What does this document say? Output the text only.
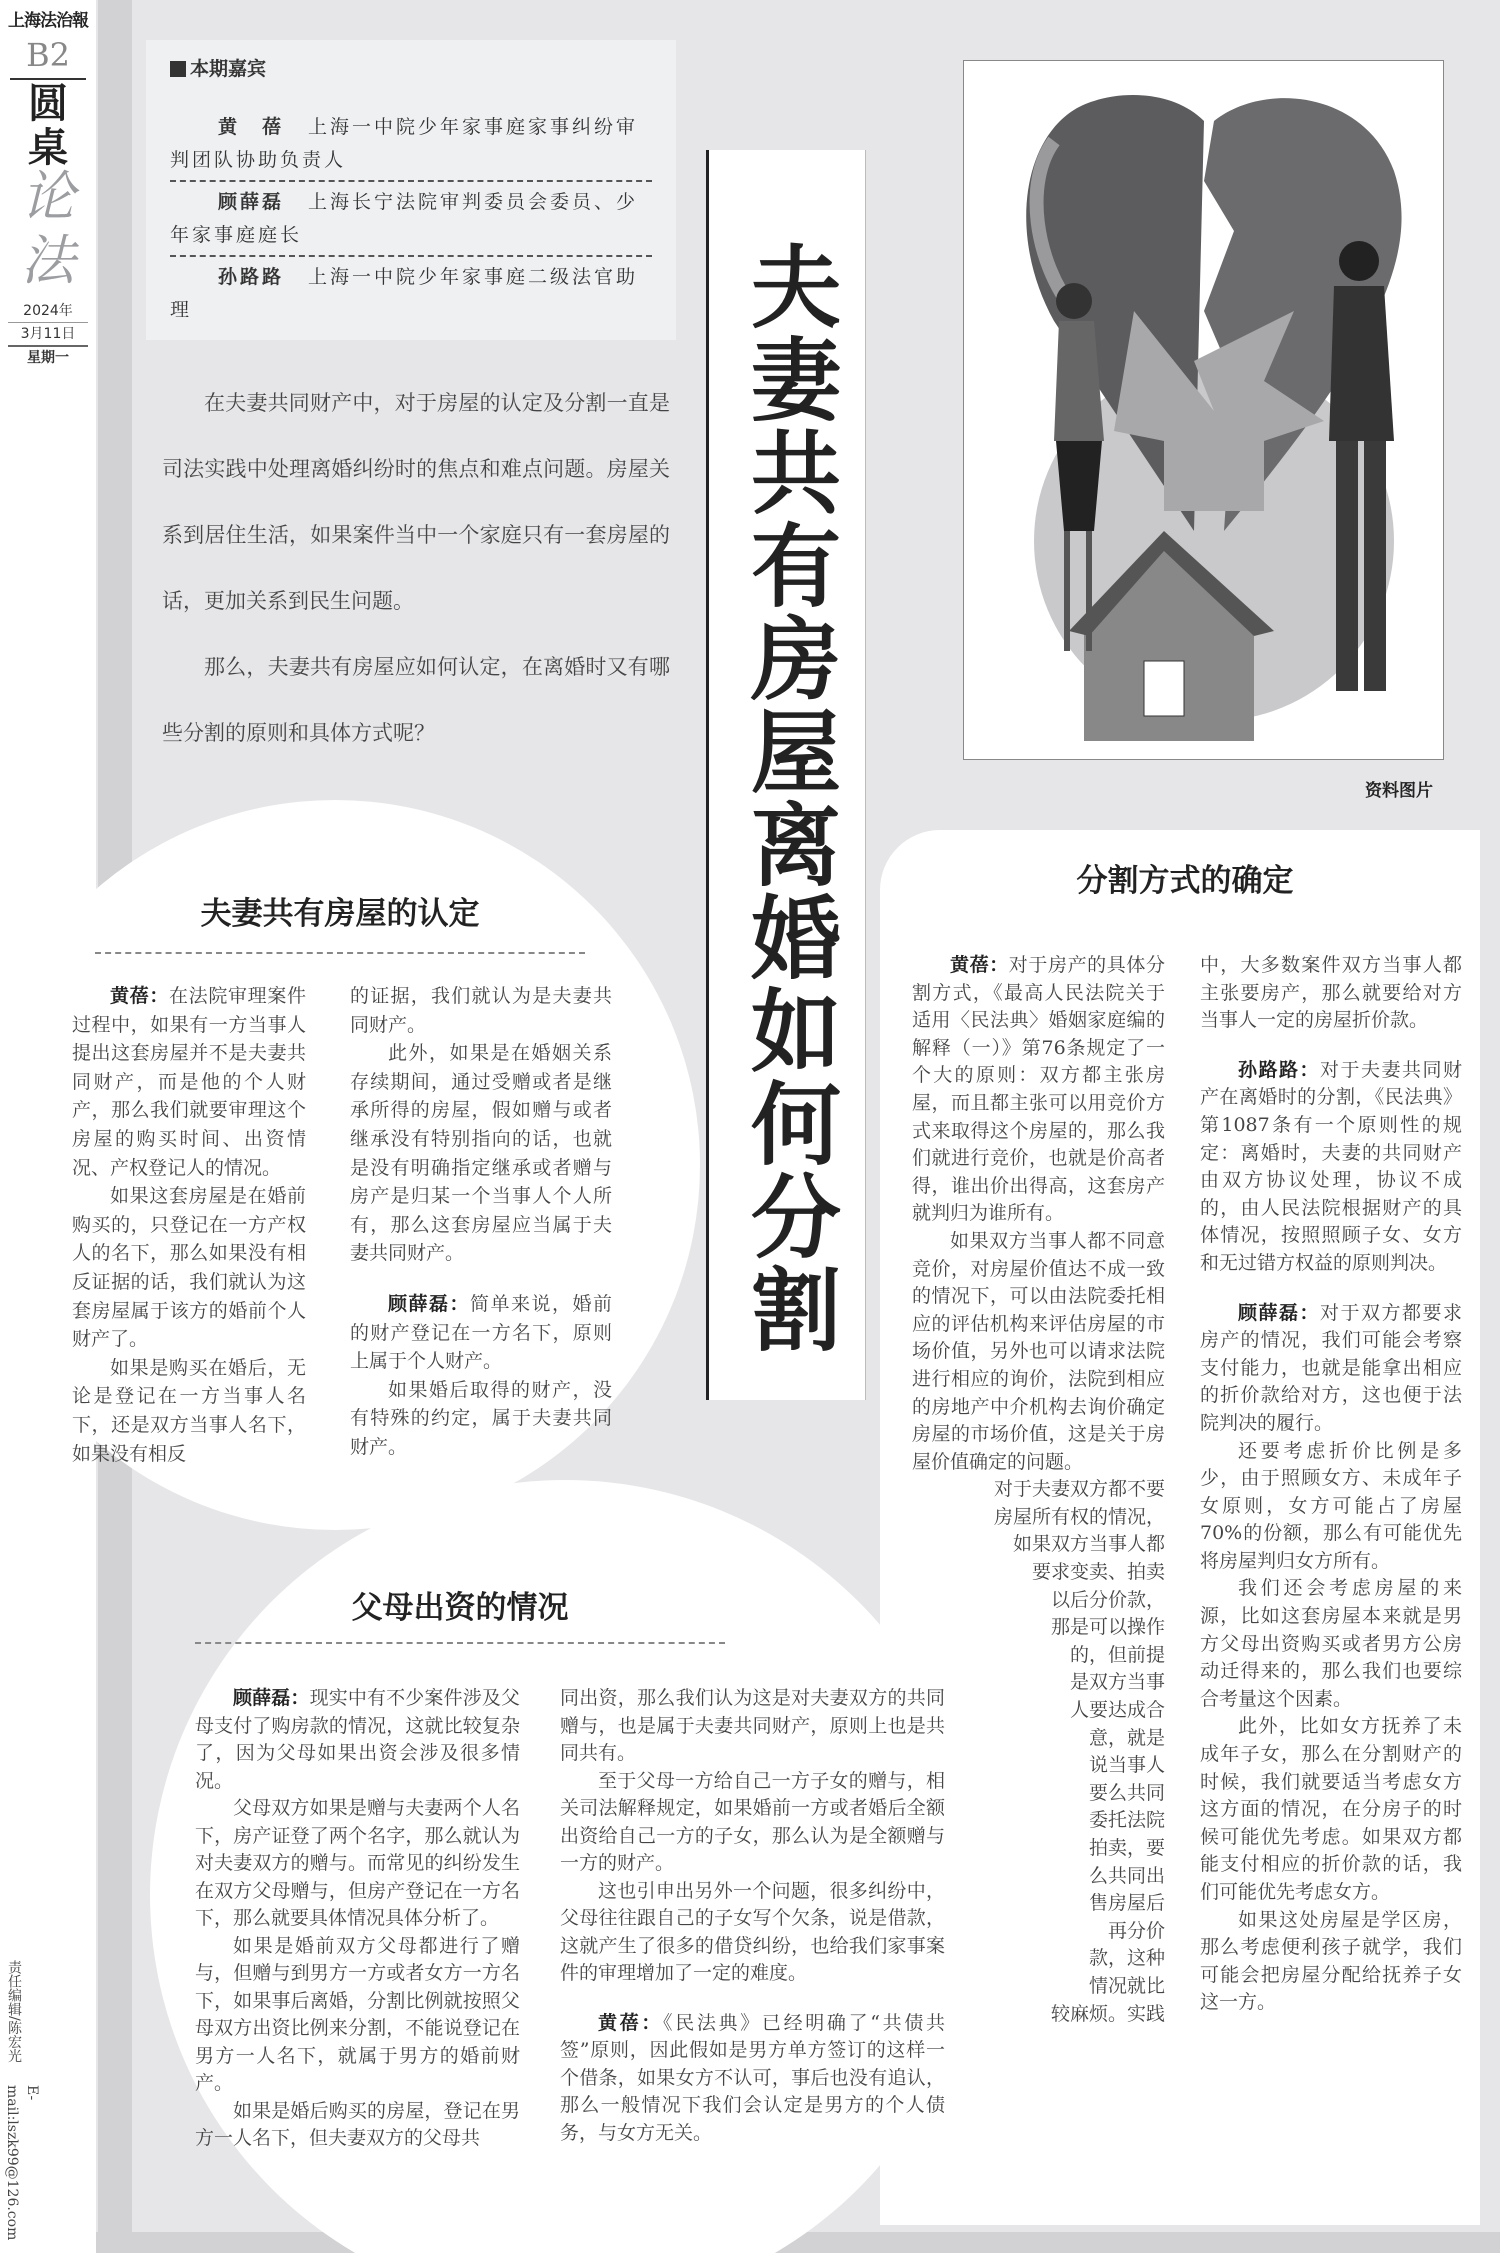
上海法治報
B2
圆桌
论法
2024年
3月11日
星期一
责任编辑/陈宏光
E-mail:lszk99@126.com
夫妻共有房屋离婚如何分割
本期嘉宾
黄　蓓 上海一中院少年家事庭家事纠纷审判团队协助负责人
顾薛磊 上海长宁法院审判委员会委员、少年家事庭庭长
孙路路 上海一中院少年家事庭二级法官助理

在夫妻共同财产中，对于房屋的认定及分割一直是司法实践中处理离婚纠纷时的焦点和难点问题。房屋关系到居住生活，如果案件当中一个家庭只有一套房屋的话，更加关系到民生问题。

那么，夫妻共有房屋应如何认定，在离婚时又有哪些分割的原则和具体方式呢？

资料图片
夫妻共有房屋的认定

黄蓓：在法院审理案件过程中，如果有一方当事人提出这套房屋并不是夫妻共同财产，而是他的个人财产，那么我们就要审理这个房屋的购买时间、出资情况、产权登记人的情况。

如果这套房屋是在婚前购买的，只登记在一方产权人的名下，那么如果没有相反证据的话，我们就认为这套房屋属于该方的婚前个人财产了。

如果是购买在婚后，无论是登记在一方当事人名下，还是双方当事人名下，如果没有相反

的证据，我们就认为是夫妻共同财产。

此外，如果是在婚姻关系存续期间，通过受赠或者是继承所得的房屋，假如赠与或者继承没有特别指向的话，也就是没有明确指定继承或者赠与房产是归某一个当事人个人所有，那么这套房屋应当属于夫妻共同财产。

顾薛磊：简单来说，婚前的财产登记在一方名下，原则上属于个人财产。

如果婚后取得的财产，没有特殊的约定，属于夫妻共同财产。

父母出资的情况

顾薛磊：现实中有不少案件涉及父母支付了购房款的情况，这就比较复杂了，因为父母如果出资会涉及很多情况。

父母双方如果是赠与夫妻两个人名下，房产证登了两个名字，那么就认为对夫妻双方的赠与。而常见的纠纷发生在双方父母赠与，但房产登记在一方名下，那么就要具体情况具体分析了。

如果是婚前双方父母都进行了赠与，但赠与到男方一方或者女方一方名下，如果事后离婚，分割比例就按照父母双方出资比例来分割，不能说登记在男方一人名下，就属于男方的婚前财产。

如果是婚后购买的房屋，登记在男方一人名下，但夫妻双方的父母共

同出资，那么我们认为这是对夫妻双方的共同赠与，也是属于夫妻共同财产，原则上也是共同共有。

至于父母一方给自己一方子女的赠与，相关司法解释规定，如果婚前一方或者婚后全额出资给自己一方的子女，那么认为是全额赠与一方的财产。

这也引申出另外一个问题，很多纠纷中，父母往往跟自己的子女写个欠条，说是借款，这就产生了很多的借贷纠纷，也给我们家事案件的审理增加了一定的难度。

黄蓓：《民法典》已经明确了“共债共签”原则，因此假如是男方单方签订的这样一个借条，如果女方不认可，事后也没有追认，那么一般情况下我们会认定是男方的个人债务，与女方无关。

分割方式的确定

黄蓓：对于房产的具体分割方式，《最高人民法院关于适用〈民法典〉婚姻家庭编的解释（一）》第76条规定了一个大的原则：双方都主张房屋，而且都主张可以用竞价方式来取得这个房屋的，那么我们就进行竞价，也就是价高者得，谁出价出得高，这套房产就判归为谁所有。

如果双方当事人都不同意竞价，对房屋价值达不成一致的情况下，可以由法院委托相应的评估机构来评估房屋的市场价值，另外也可以请求法院进行相应的询价，法院到相应的房地产中介机构去询价确定房屋的市场价值，这是关于房屋价值确定的问题。

对于夫妻双方都不要房屋所有权的情况，如果双方当事人都要求变卖、拍卖以后分价款，那是可以操作的，但前提是双方当事人要达成合意，就是说当事人要么共同委托法院拍卖，要么共同出售房屋后再分价款，这种情况就比较麻烦。实践

中，大多数案件双方当事人都主张要房产，那么就要给对方当事人一定的房屋折价款。

孙路路：对于夫妻共同财产在离婚时的分割，《民法典》第1087条有一个原则性的规定：离婚时，夫妻的共同财产由双方协议处理，协议不成的，由人民法院根据财产的具体情况，按照照顾子女、女方和无过错方权益的原则判决。

顾薛磊：对于双方都要求房产的情况，我们可能会考察支付能力，也就是能拿出相应的折价款给对方，这也便于法院判决的履行。

还要考虑折价比例是多少，由于照顾女方、未成年子女原则，女方可能占了房屋70%的份额，那么有可能优先将房屋判归女方所有。

我们还会考虑房屋的来源，比如这套房屋本来就是男方父母出资购买或者男方公房动迁得来的，那么我们也要综合考量这个因素。

此外，比如女方抚养了未成年子女，那么在分割财产的时候，我们就要适当考虑女方这方面的情况，在分房子的时候可能优先考虑。如果双方都能支付相应的折价款的话，我们可能优先考虑女方。

如果这处房屋是学区房，那么考虑便利孩子就学，我们可能会把房屋分配给抚养子女这一方。
